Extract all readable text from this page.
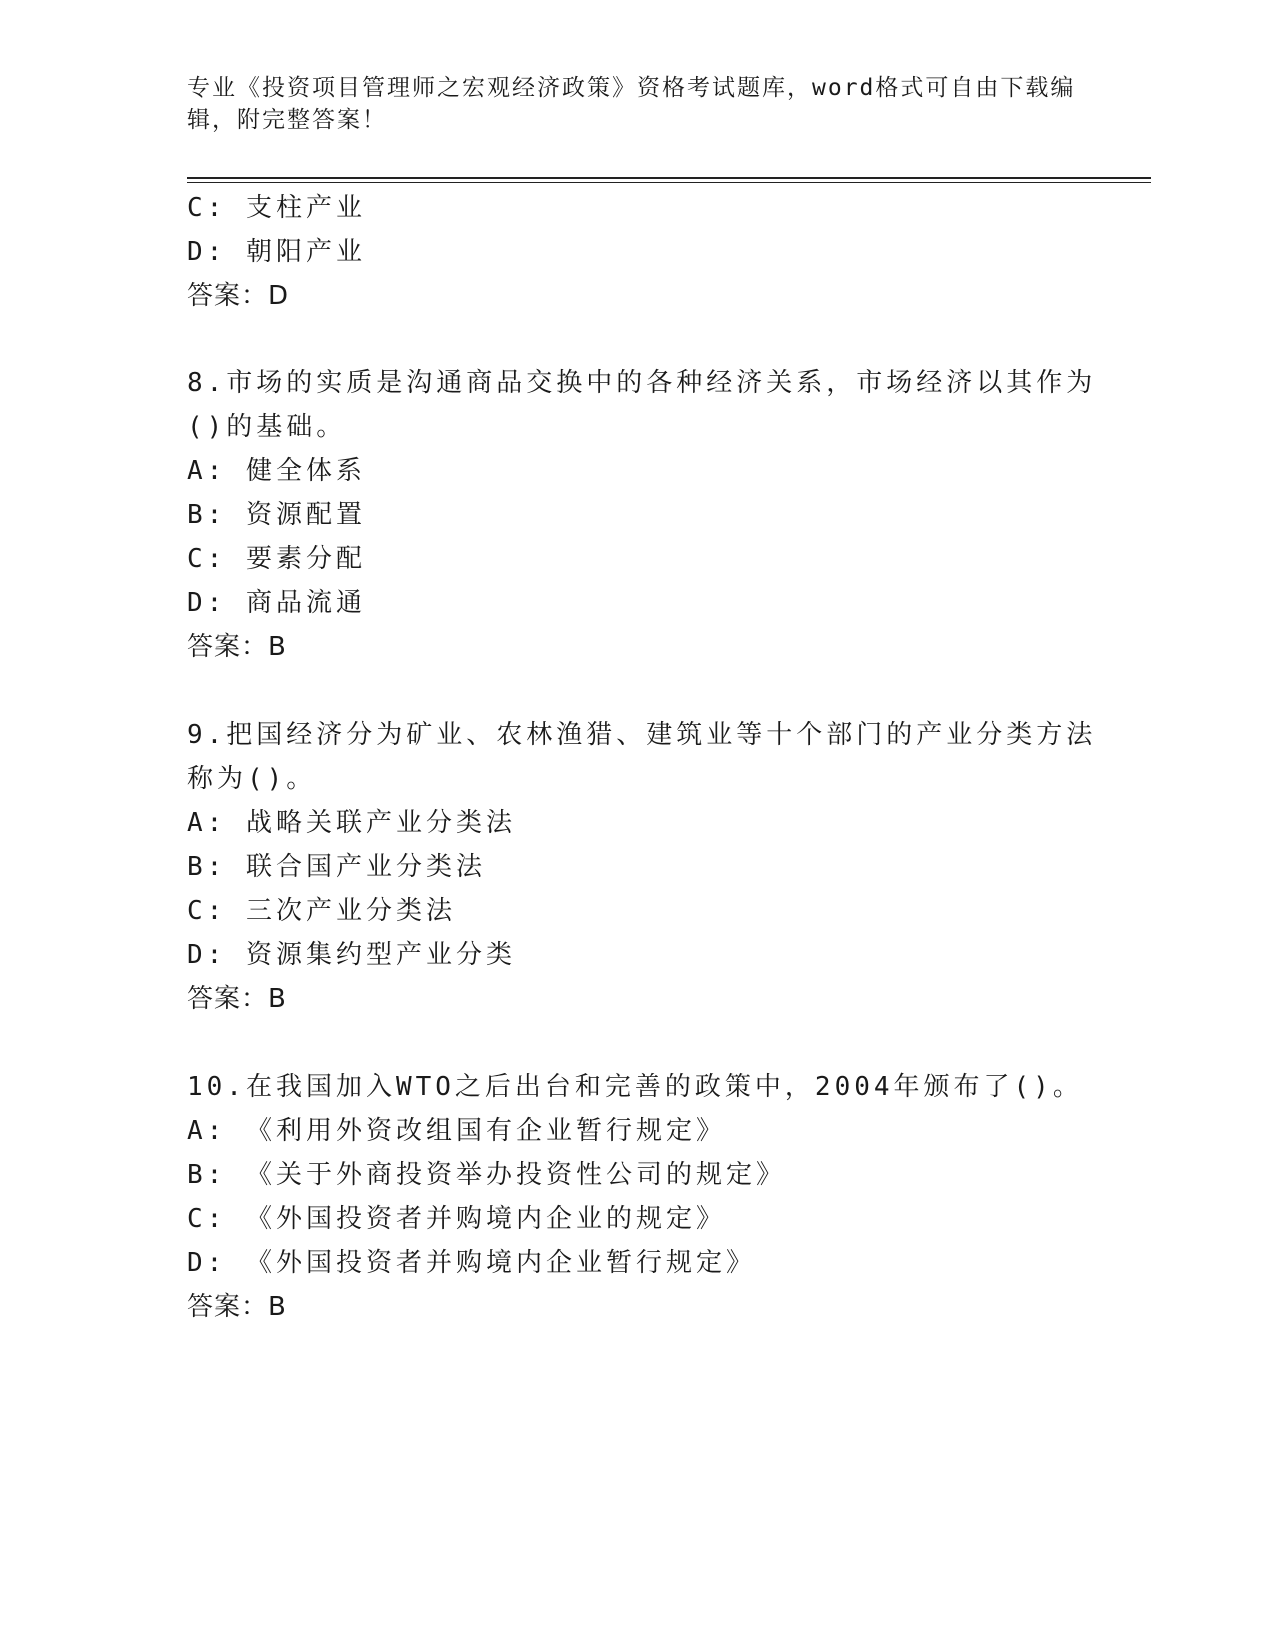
专业《投资项目管理师之宏观经济政策》资格考试题库，word格式可自由下载编
辑，附完整答案！
C: 支柱产业
D: 朝阳产业
答案：D
8.市场的实质是沟通商品交换中的各种经济关系，市场经济以其作为
()的基础。
A: 健全体系
B: 资源配置
C: 要素分配
D: 商品流通
答案：B
9.把国经济分为矿业、农林渔猎、建筑业等十个部门的产业分类方法
称为()。
A: 战略关联产业分类法
B: 联合国产业分类法
C: 三次产业分类法
D: 资源集约型产业分类
答案：B
10.在我国加入WTO之后出台和完善的政策中，2004年颁布了()。
A: 《利用外资改组国有企业暂行规定》
B: 《关于外商投资举办投资性公司的规定》
C: 《外国投资者并购境内企业的规定》
D: 《外国投资者并购境内企业暂行规定》
答案：B
